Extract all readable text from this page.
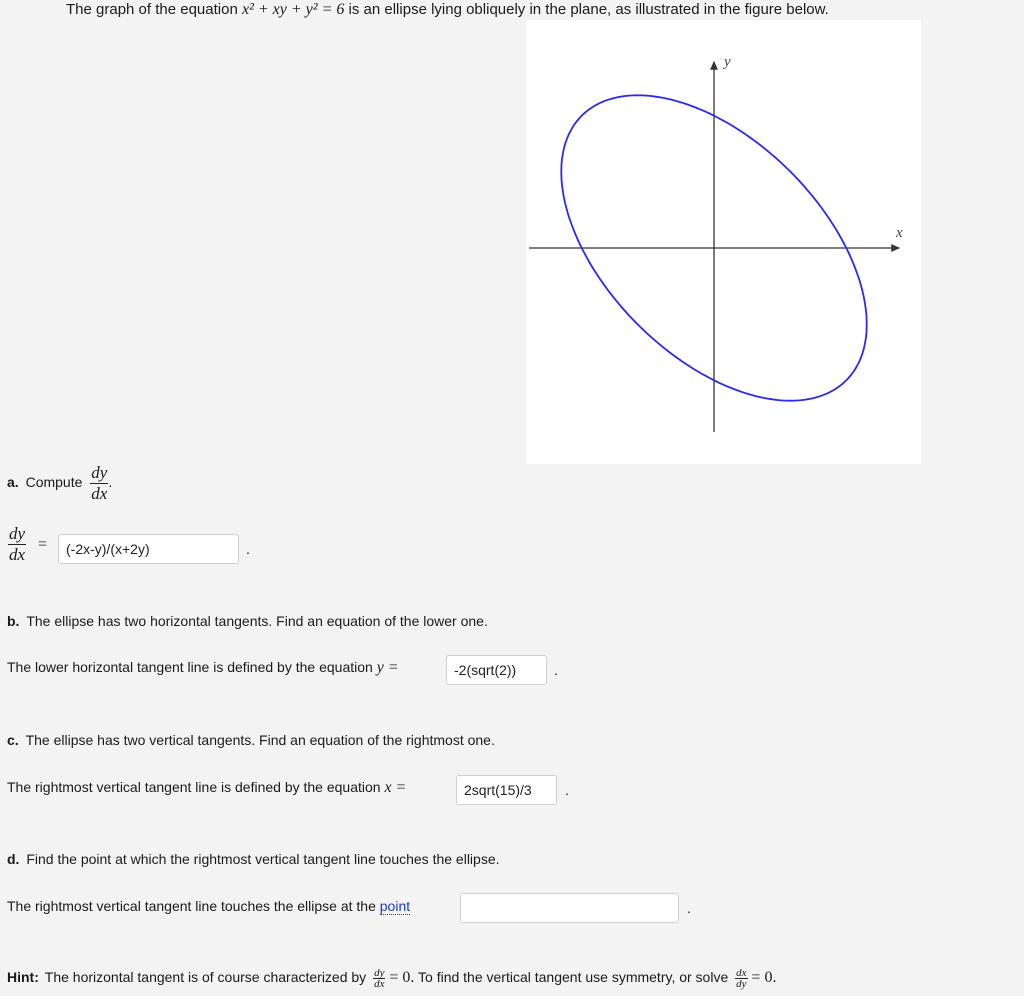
The graph of the equation x² + xy + y² = 6 is an ellipse lying obliquely in the plane, as illustrated in the figure below.
x
y
a. Compute $\frac{dy}{dx}$ .
$\frac{dy}{dx}$ =	(-2x-y)/(x+2y)	.
b. The ellipse has two horizontal tangents. Find an equation of the lower one.
The lower horizontal tangent line is defined by the equation y =	-2(sqrt(2))	.
c. The ellipse has two vertical tangents. Find an equation of the rightmost one.
The rightmost vertical tangent line is defined by the equation x =	2sqrt(15)/3	.
d. Find the point at which the rightmost vertical tangent line touches the ellipse.
The rightmost vertical tangent line touches the ellipse at the point	.
Hint: The horizontal tangent is of course characterized by $\frac{dy}{dx} = 0$. To find the vertical tangent use symmetry, or solve $\frac{dx}{dy} = 0$.
